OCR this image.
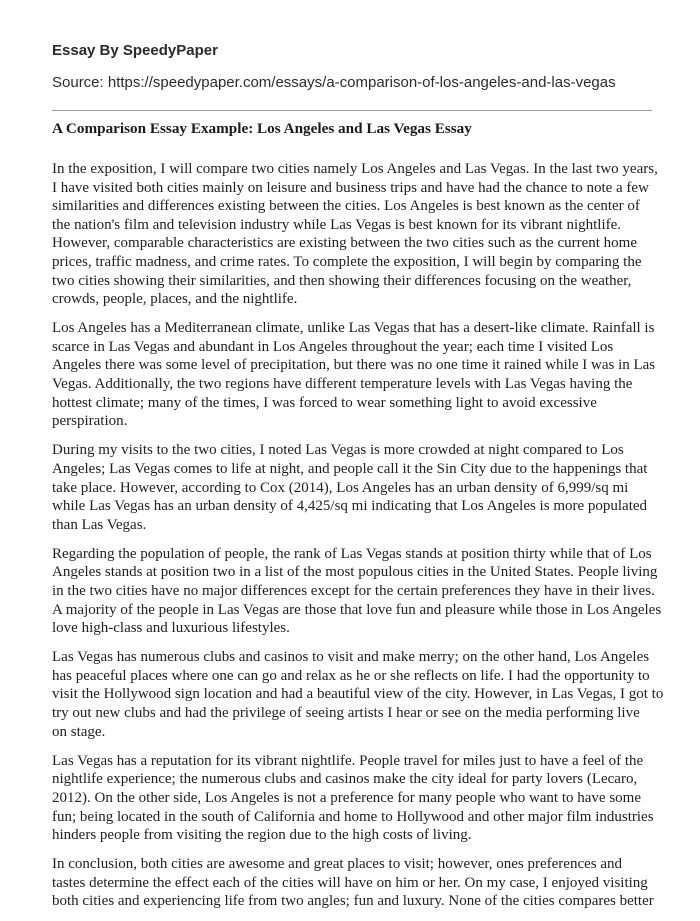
Essay By SpeedyPaper
Source: https://speedypaper.com/essays/a-comparison-of-los-angeles-and-las-vegas
A Comparison Essay Example: Los Angeles and Las Vegas Essay

In the exposition, I will compare two cities namely Los Angeles and Las Vegas. In the last two years,
I have visited both cities mainly on leisure and business trips and have had the chance to note a few
similarities and differences existing between the cities. Los Angeles is best known as the center of
the nation's film and television industry while Las Vegas is best known for its vibrant nightlife.
However, comparable characteristics are existing between the two cities such as the current home
prices, traffic madness, and crime rates. To complete the exposition, I will begin by comparing the
two cities showing their similarities, and then showing their differences focusing on the weather,
crowds, people, places, and the nightlife.

Los Angeles has a Mediterranean climate, unlike Las Vegas that has a desert-like climate. Rainfall is
scarce in Las Vegas and abundant in Los Angeles throughout the year; each time I visited Los
Angeles there was some level of precipitation, but there was no one time it rained while I was in Las
Vegas. Additionally, the two regions have different temperature levels with Las Vegas having the
hottest climate; many of the times, I was forced to wear something light to avoid excessive
perspiration.

During my visits to the two cities, I noted Las Vegas is more crowded at night compared to Los
Angeles; Las Vegas comes to life at night, and people call it the Sin City due to the happenings that
take place. However, according to Cox (2014), Los Angeles has an urban density of 6,999/sq mi
while Las Vegas has an urban density of 4,425/sq mi indicating that Los Angeles is more populated
than Las Vegas.

Regarding the population of people, the rank of Las Vegas stands at position thirty while that of Los
Angeles stands at position two in a list of the most populous cities in the United States. People living
in the two cities have no major differences except for the certain preferences they have in their lives.
A majority of the people in Las Vegas are those that love fun and pleasure while those in Los Angeles
love high-class and luxurious lifestyles.

Las Vegas has numerous clubs and casinos to visit and make merry; on the other hand, Los Angeles
has peaceful places where one can go and relax as he or she reflects on life. I had the opportunity to
visit the Hollywood sign location and had a beautiful view of the city. However, in Las Vegas, I got to
try out new clubs and had the privilege of seeing artists I hear or see on the media performing live
on stage.

Las Vegas has a reputation for its vibrant nightlife. People travel for miles just to have a feel of the
nightlife experience; the numerous clubs and casinos make the city ideal for party lovers (Lecaro,
2012). On the other side, Los Angeles is not a preference for many people who want to have some
fun; being located in the south of California and home to Hollywood and other major film industries
hinders people from visiting the region due to the high costs of living.

In conclusion, both cities are awesome and great places to visit; however, ones preferences and
tastes determine the effect each of the cities will have on him or her. On my case, I enjoyed visiting
both cities and experiencing life from two angles; fun and luxury. None of the cities compares better
